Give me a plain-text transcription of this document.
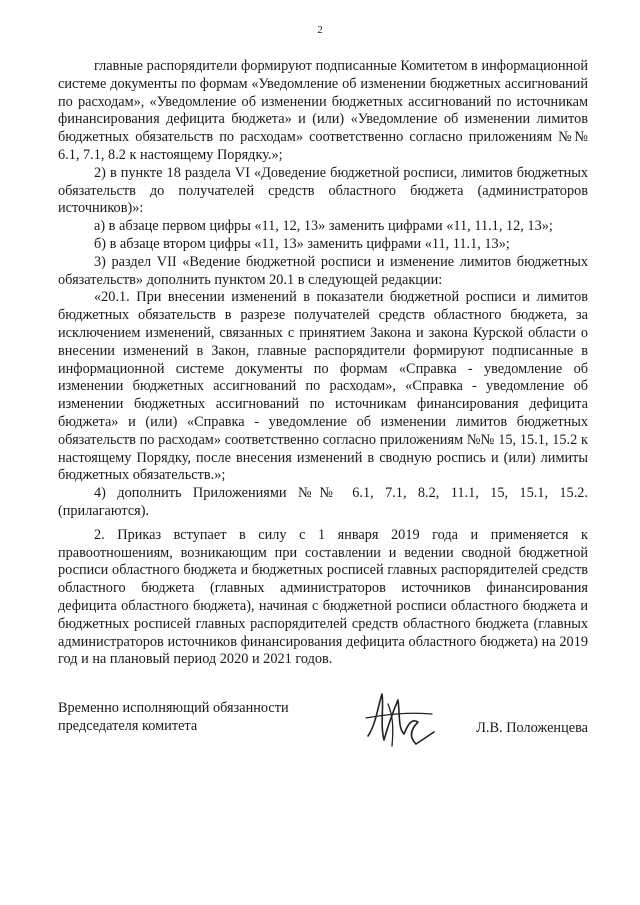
2

главные распорядители формируют подписанные Комитетом в информационной системе документы по формам «Уведомление об изменении бюджетных ассигнований по расходам», «Уведомление об изменении бюджетных ассигнований по источникам финансирования дефицита бюджета» и (или) «Уведомление об изменении лимитов бюджетных обязательств по расходам» соответственно согласно приложениям №№ 6.1, 7.1, 8.2 к настоящему Порядку.»;

2) в пункте 18 раздела VI «Доведение бюджетной росписи, лимитов бюджетных обязательств до получателей средств областного бюджета (администраторов источников)»:

а) в абзаце первом цифры «11, 12, 13» заменить цифрами «11, 11.1, 12, 13»;

б) в абзаце втором цифры «11, 13» заменить цифрами «11, 11.1, 13»;

3) раздел VII «Ведение бюджетной росписи и изменение лимитов бюджетных обязательств» дополнить пунктом 20.1 в следующей редакции:

«20.1. При внесении изменений в показатели бюджетной росписи и лимитов бюджетных обязательств в разрезе получателей средств областного бюджета, за исключением изменений, связанных с принятием Закона и закона Курской области о внесении изменений в Закон, главные распорядители формируют подписанные в информационной системе документы по формам «Справка - уведомление об изменении бюджетных ассигнований по расходам», «Справка - уведомление об изменении бюджетных ассигнований по источникам финансирования дефицита бюджета» и (или) «Справка - уведомление об изменении лимитов бюджетных обязательств по расходам» соответственно согласно приложениям №№ 15, 15.1, 15.2 к настоящему Порядку, после внесения изменений в сводную роспись и (или) лимиты бюджетных обязательств.»;

4) дополнить Приложениями №№ 6.1, 7.1, 8.2, 11.1, 15, 15.1, 15.2. (прилагаются).

2. Приказ вступает в силу с 1 января 2019 года и применяется к правоотношениям, возникающим при составлении и ведении сводной бюджетной росписи областного бюджета и бюджетных росписей главных распорядителей средств областного бюджета (главных администраторов источников финансирования дефицита областного бюджета), начиная с бюджетной росписи областного бюджета и бюджетных росписей главных распорядителей средств областного бюджета (главных администраторов источников финансирования дефицита областного бюджета) на 2019 год и на плановый период 2020 и 2021 годов.

Временно исполняющий обязанности
председателя комитета	Л.В. Положенцева
